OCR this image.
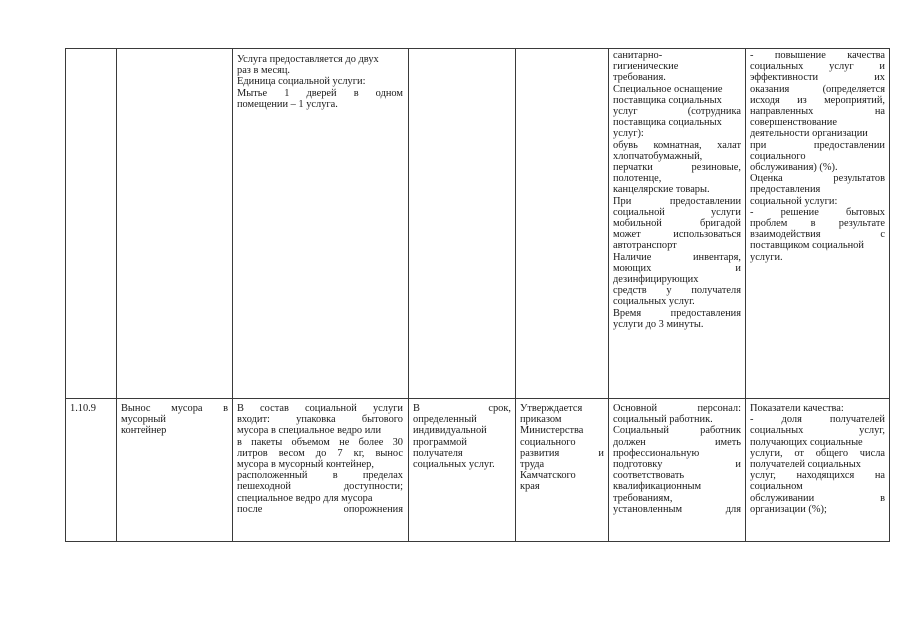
Услуга предоставляется до двух
раз в месяц.
Единица социальной услуги:
Мытье 1 дверей в одном
помещении – 1 услуга.
санитарно-
гигиенические
требования.
Специальное оснащение
поставщика социальных
услуг (сотрудника
поставщика социальных
услуг):
обувь комнатная, халат
хлопчатобумажный,
перчатки резиновые,
полотенце,
канцелярские товары.
При предоставлении
социальной услуги
мобильной бригадой
может использоваться
автотранспорт
Наличие инвентаря,
моющих и
дезинфицирующих
средств у получателя
социальных услуг.
Время предоставления
услуги до 3 минуты.
- повышение качества
социальных услуг и
эффективности их
оказания (определяется
исходя из мероприятий,
направленных на
совершенствование
деятельности организации
при предоставлении
социального
обслуживания) (%).
Оценка результатов
предоставления
социальной услуги:
- решение бытовых
проблем в результате
взаимодействия с
поставщиком социальной
услуги.
1.10.9	Вынос мусора в
мусорный
контейнер
В состав социальной услуги
входит: упаковка бытового
мусора в специальное ведро или
в пакеты объемом не более 30
литров весом до 7 кг, вынос
мусора в мусорный контейнер,
расположенный в пределах
пешеходной доступности;
специальное ведро для мусора
после опорожнения
В срок,
определенный
индивидуальной
программой
получателя
социальных услуг.
Утверждается
приказом
Министерства
социального
развития и
труда
Камчатского
края
Основной персонал:
социальный работник.
Социальный работник
должен иметь
профессиональную
подготовку и
соответствовать
квалификационным
требованиям,
установленным для
Показатели качества:
- доля получателей
социальных услуг,
получающих социальные
услуги, от общего числа
получателей социальных
услуг, находящихся на
социальном
обслуживании в
организации (%);
